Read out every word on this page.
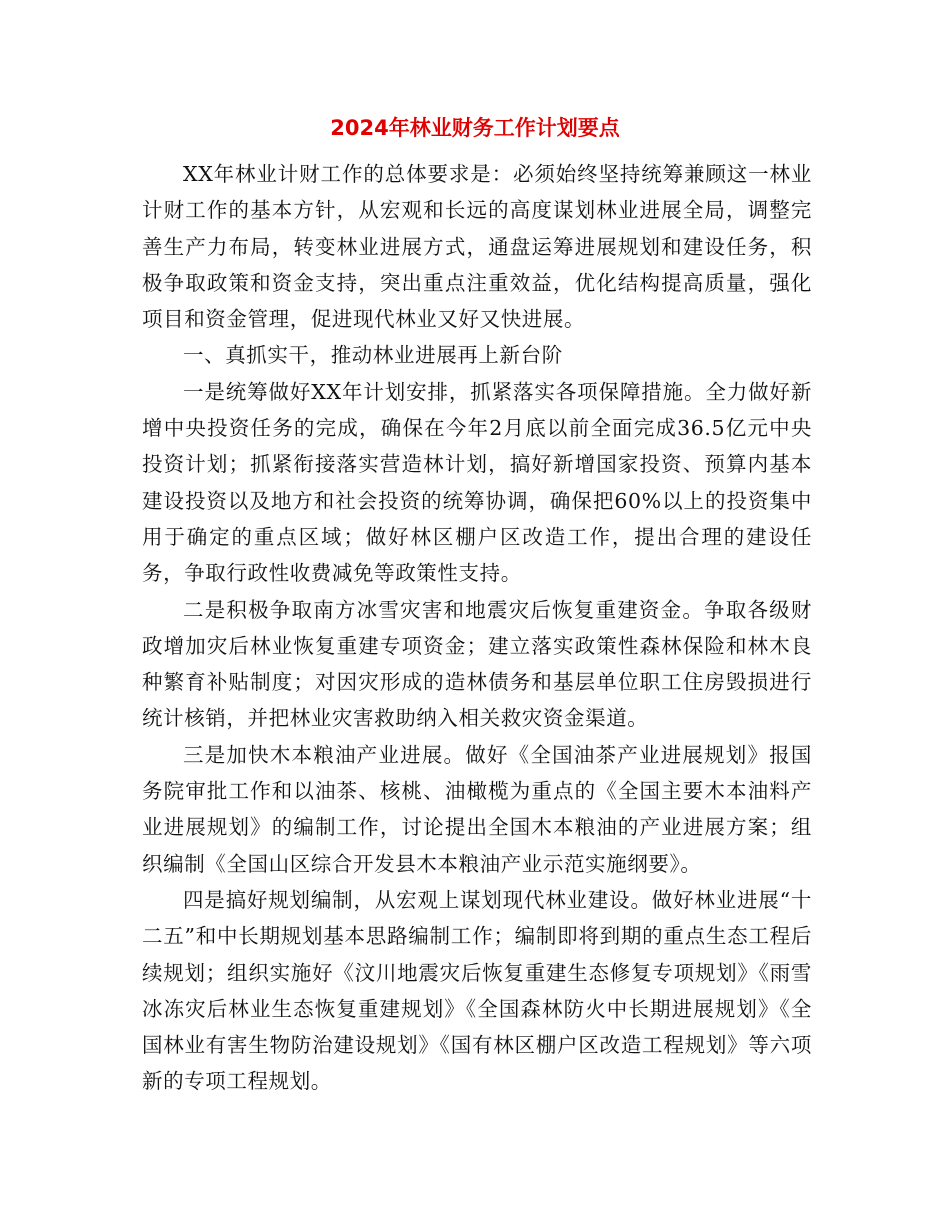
2024年林业财务工作计划要点

XX年林业计财工作的总体要求是：必须始终坚持统筹兼顾这一林业计财工作的基本方针，从宏观和长远的高度谋划林业进展全局，调整完善生产力布局，转变林业进展方式，通盘运筹进展规划和建设任务，积极争取政策和资金支持，突出重点注重效益，优化结构提高质量，强化项目和资金管理，促进现代林业又好又快进展。

一、真抓实干，推动林业进展再上新台阶

一是统筹做好XX年计划安排，抓紧落实各项保障措施。全力做好新增中央投资任务的完成，确保在今年2月底以前全面完成36.5亿元中央投资计划；抓紧衔接落实营造林计划，搞好新增国家投资、预算内基本建设投资以及地方和社会投资的统筹协调，确保把60%以上的投资集中用于确定的重点区域；做好林区棚户区改造工作，提出合理的建设任务，争取行政性收费减免等政策性支持。

二是积极争取南方冰雪灾害和地震灾后恢复重建资金。争取各级财政增加灾后林业恢复重建专项资金；建立落实政策性森林保险和林木良种繁育补贴制度；对因灾形成的造林债务和基层单位职工住房毁损进行统计核销，并把林业灾害救助纳入相关救灾资金渠道。

三是加快木本粮油产业进展。做好《全国油茶产业进展规划》报国务院审批工作和以油茶、核桃、油橄榄为重点的《全国主要木本油料产业进展规划》的编制工作，讨论提出全国木本粮油的产业进展方案；组织编制《全国山区综合开发县木本粮油产业示范实施纲要》。

四是搞好规划编制，从宏观上谋划现代林业建设。做好林业进展“十二五”和中长期规划基本思路编制工作；编制即将到期的重点生态工程后续规划；组织实施好《汶川地震灾后恢复重建生态修复专项规划》《雨雪冰冻灾后林业生态恢复重建规划》《全国森林防火中长期进展规划》《全国林业有害生物防治建设规划》《国有林区棚户区改造工程规划》等六项新的专项工程规划。
